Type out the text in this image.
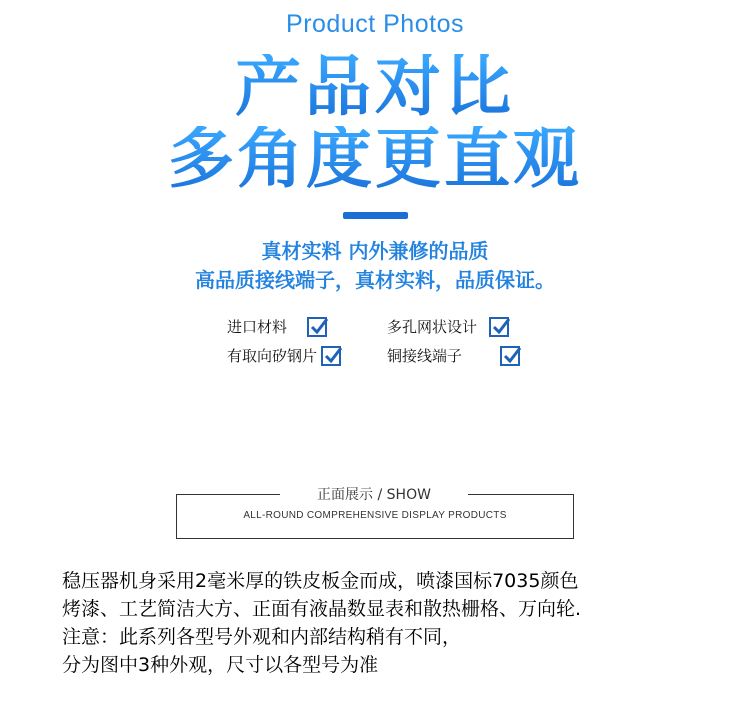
Product Photos
产品对比
多角度更直观
真材实料 内外兼修的品质
高品质接线端子，真材实料，品质保证。
进口材料	多孔网状设计
有取向矽钢片	铜接线端子
正面展示 / SHOW
ALL-ROUND COMPREHENSIVE DISPLAY PRODUCTS
稳压器机身采用2毫米厚的铁皮板金而成，喷漆国标7035颜色
烤漆、工艺简洁大方、正面有液晶数显表和散热栅格、万向轮.
注意：此系列各型号外观和内部结构稍有不同，
分为图中3种外观，尺寸以各型号为准
